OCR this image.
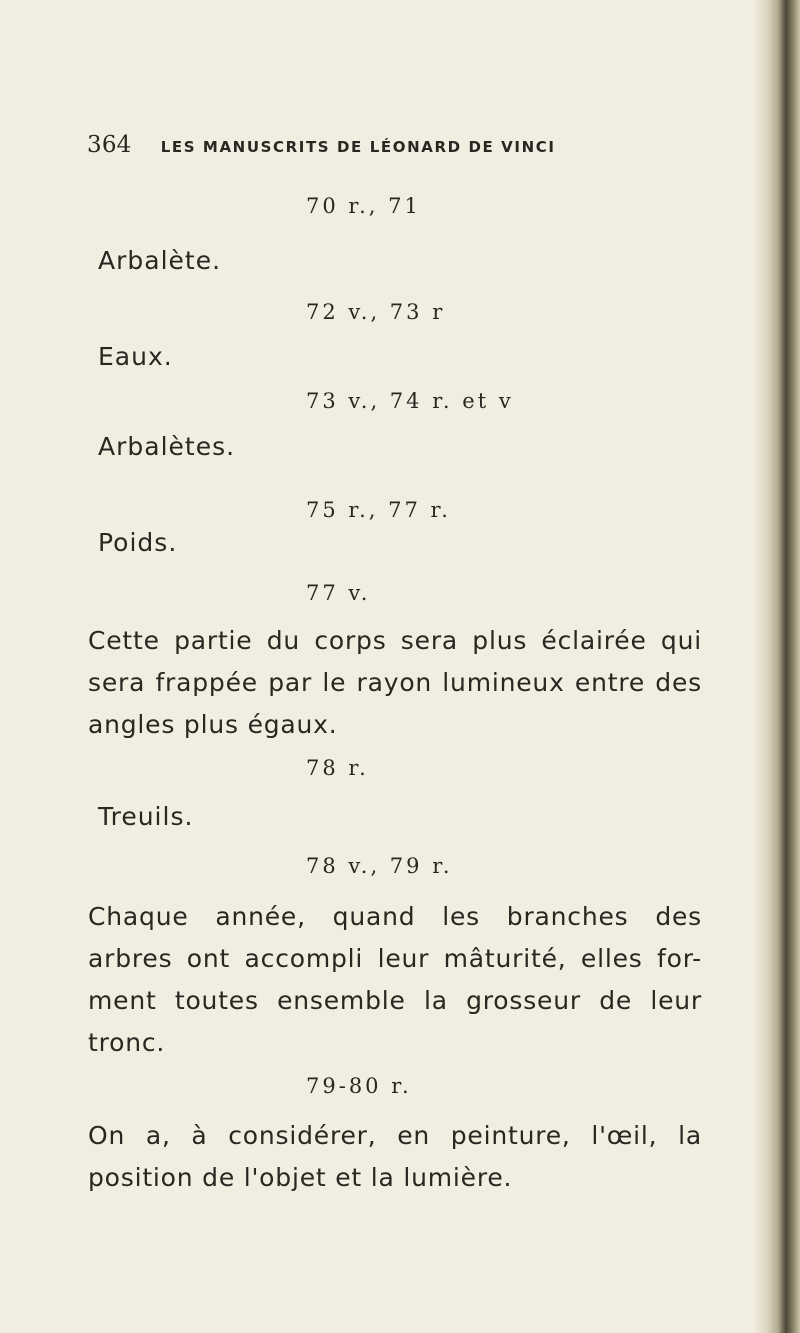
364 LES MANUSCRITS DE LÉONARD DE VINCI
70 r., 71
Arbalète.
72 v., 73 r
Eaux.
73 v., 74 r. et v
Arbalètes.
75 r., 77 r.
Poids.
77 v.

Cette partie du corps sera plus éclairée qui
sera frappée par le rayon lumineux entre des
angles plus égaux.

78 r.
Treuils.
78 v., 79 r.

Chaque année, quand les branches des
arbres ont accompli leur mâturité, elles for-
ment toutes ensemble la grosseur de leur
tronc.

79-80 r.

On a, à considérer, en peinture, l'œil, la
position de l'objet et la lumière.
